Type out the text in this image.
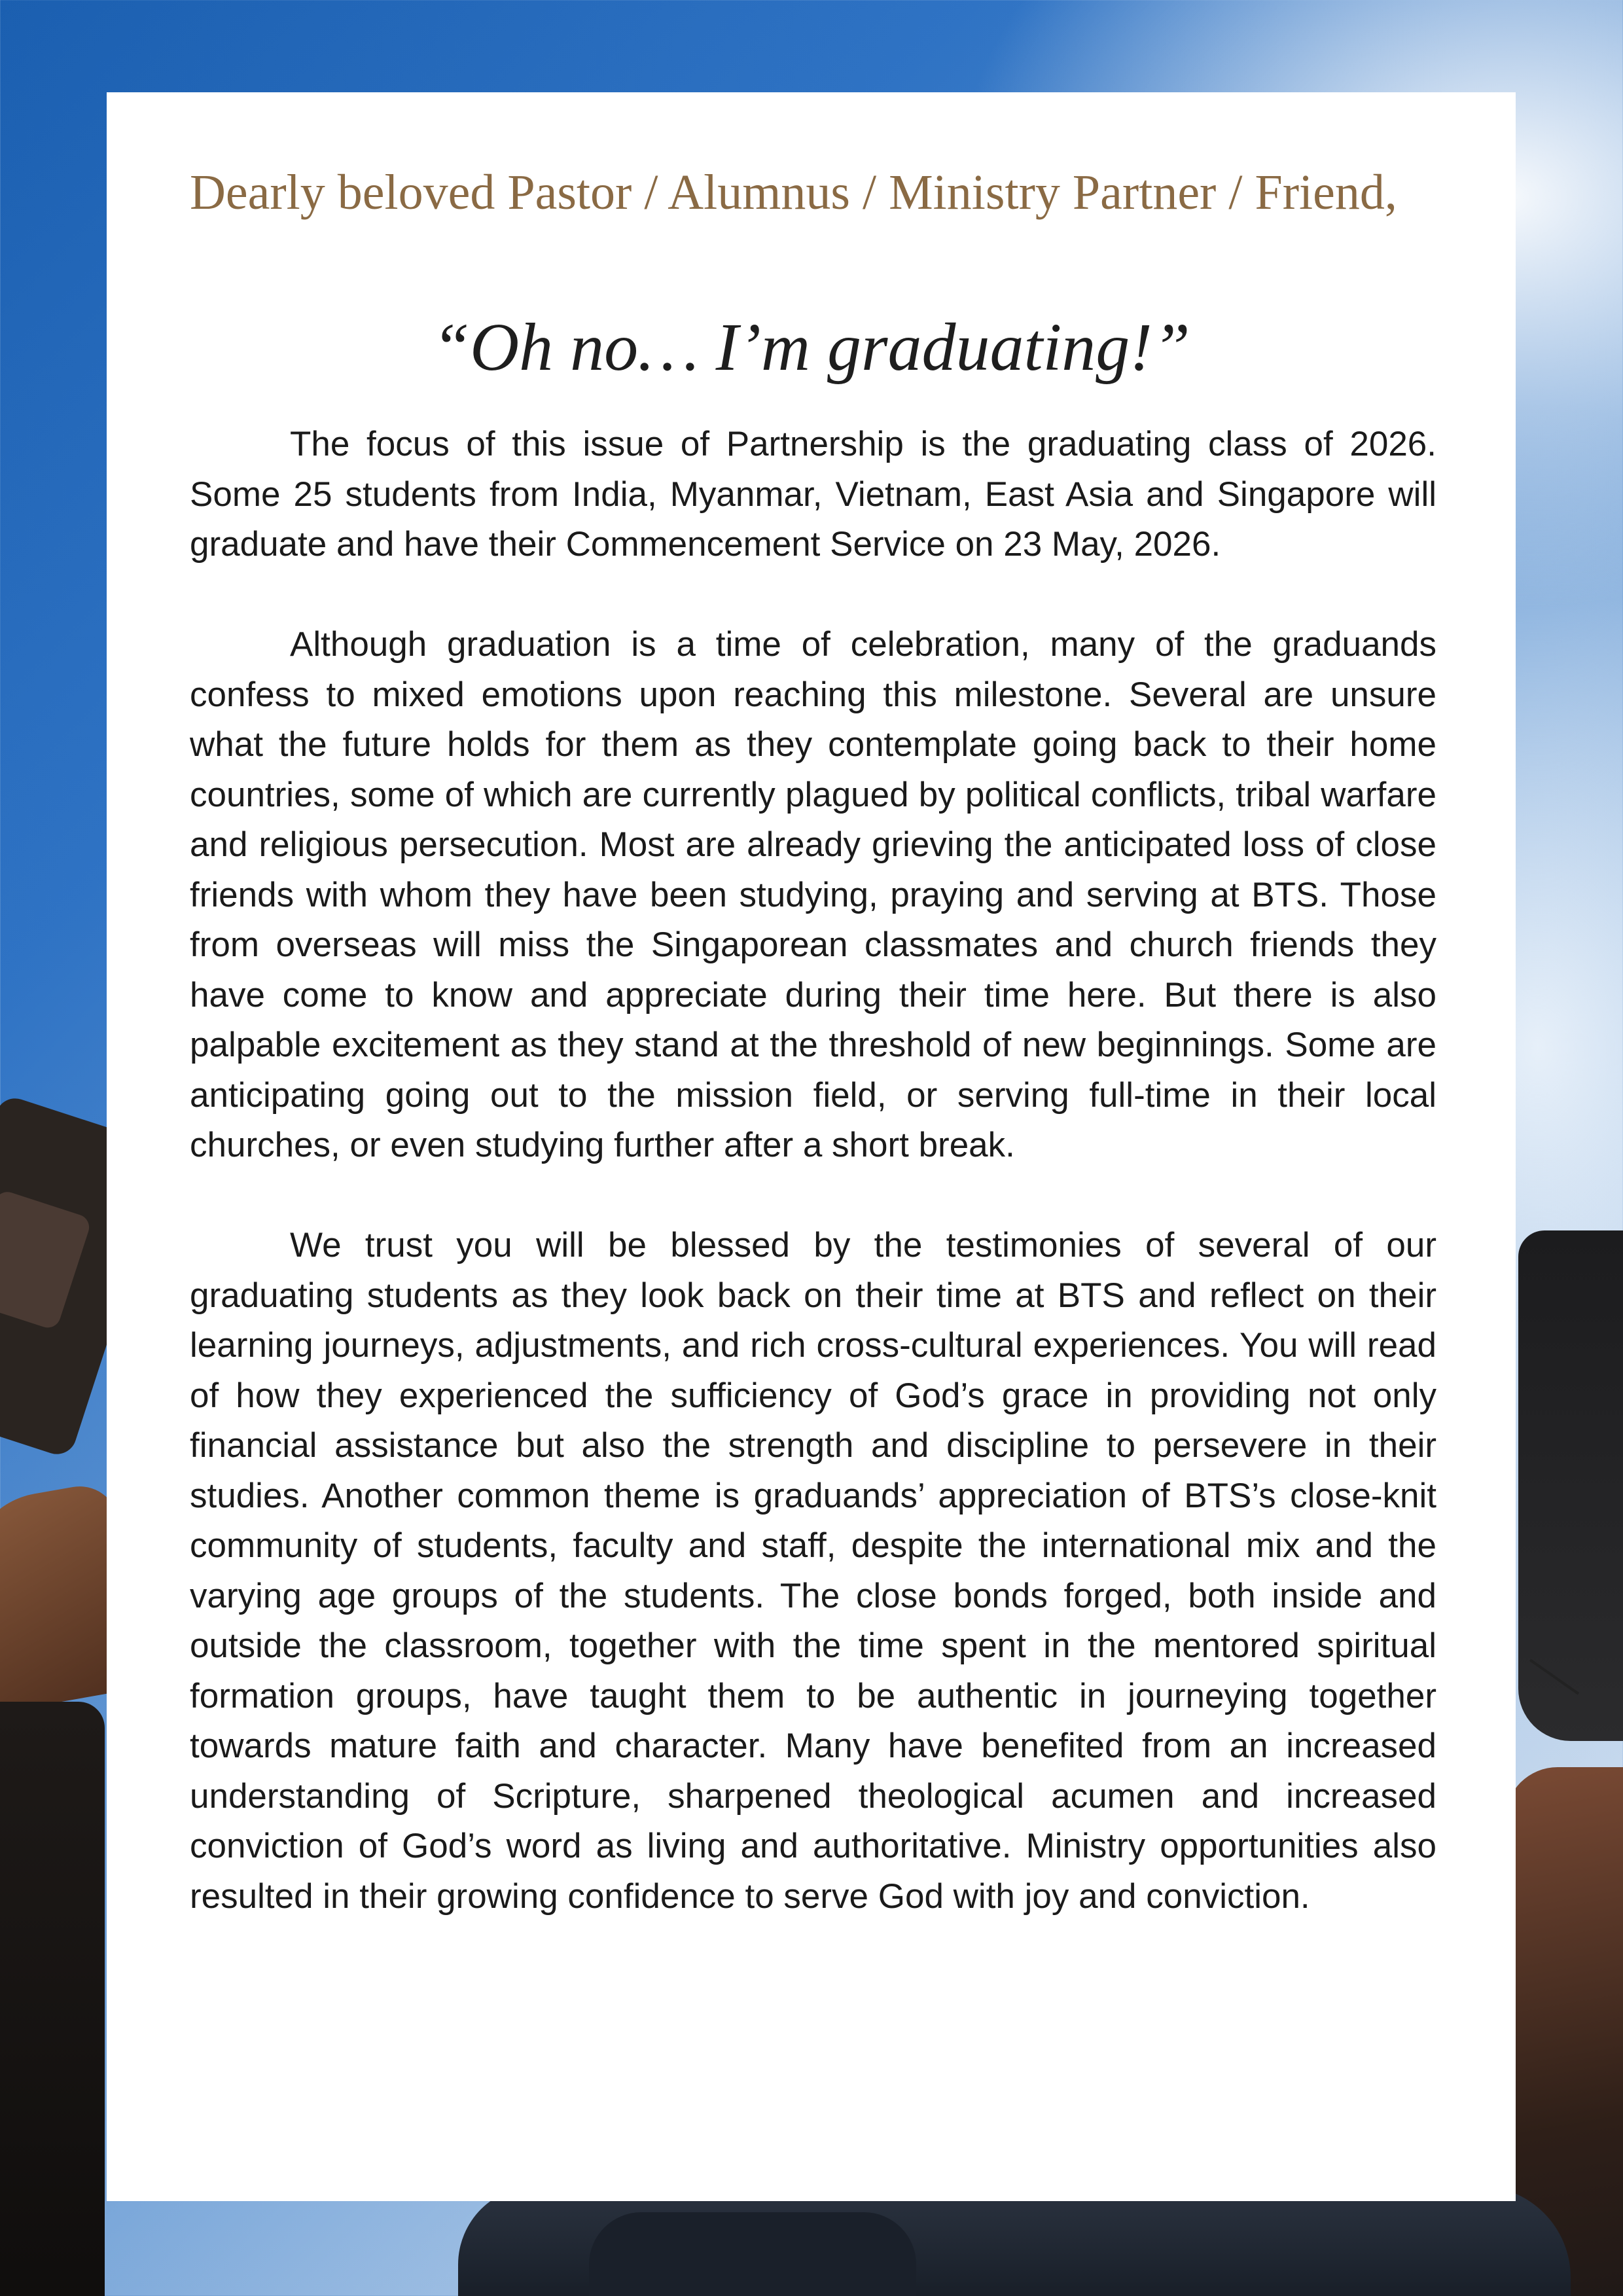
Dearly beloved Pastor / Alumnus / Ministry Partner / Friend,
“Oh no… I’m graduating!”

The focus of this issue of Partnership is the graduating class of 2026. Some 25 students from India, Myanmar, Vietnam, East Asia and Singapore will graduate and have their Commencement Service on 23 May, 2026.

Although graduation is a time of celebration, many of the graduands confess to mixed emotions upon reaching this milestone. Several are unsure what the future holds for them as they contemplate going back to their home countries, some of which are currently plagued by political conflicts, tribal warfare and religious persecution. Most are already grieving the anticipated loss of close friends with whom they have been studying, praying and serving at BTS. Those from overseas will miss the Singaporean classmates and church friends they have come to know and appreciate during their time here. But there is also palpable excitement as they stand at the threshold of new beginnings. Some are anticipating going out to the mission field, or serving full-time in their local churches, or even studying further after a short break.

We trust you will be blessed by the testimonies of several of our graduating students as they look back on their time at BTS and reflect on their learning journeys, adjustments, and rich cross-cultural experiences. You will read of how they experienced the sufficiency of God’s grace in providing not only financial assistance but also the strength and discipline to persevere in their studies. Another common theme is graduands’ appreciation of BTS’s close-knit community of students, faculty and staff, despite the international mix and the varying age groups of the students. The close bonds forged, both inside and outside the classroom, together with the time spent in the mentored spiritual formation groups, have taught them to be authentic in journeying together towards mature faith and character. Many have benefited from an increased understanding of Scripture, sharpened theological acumen and increased conviction of God’s word as living and authoritative. Ministry opportunities also resulted in their growing confidence to serve God with joy and conviction.
